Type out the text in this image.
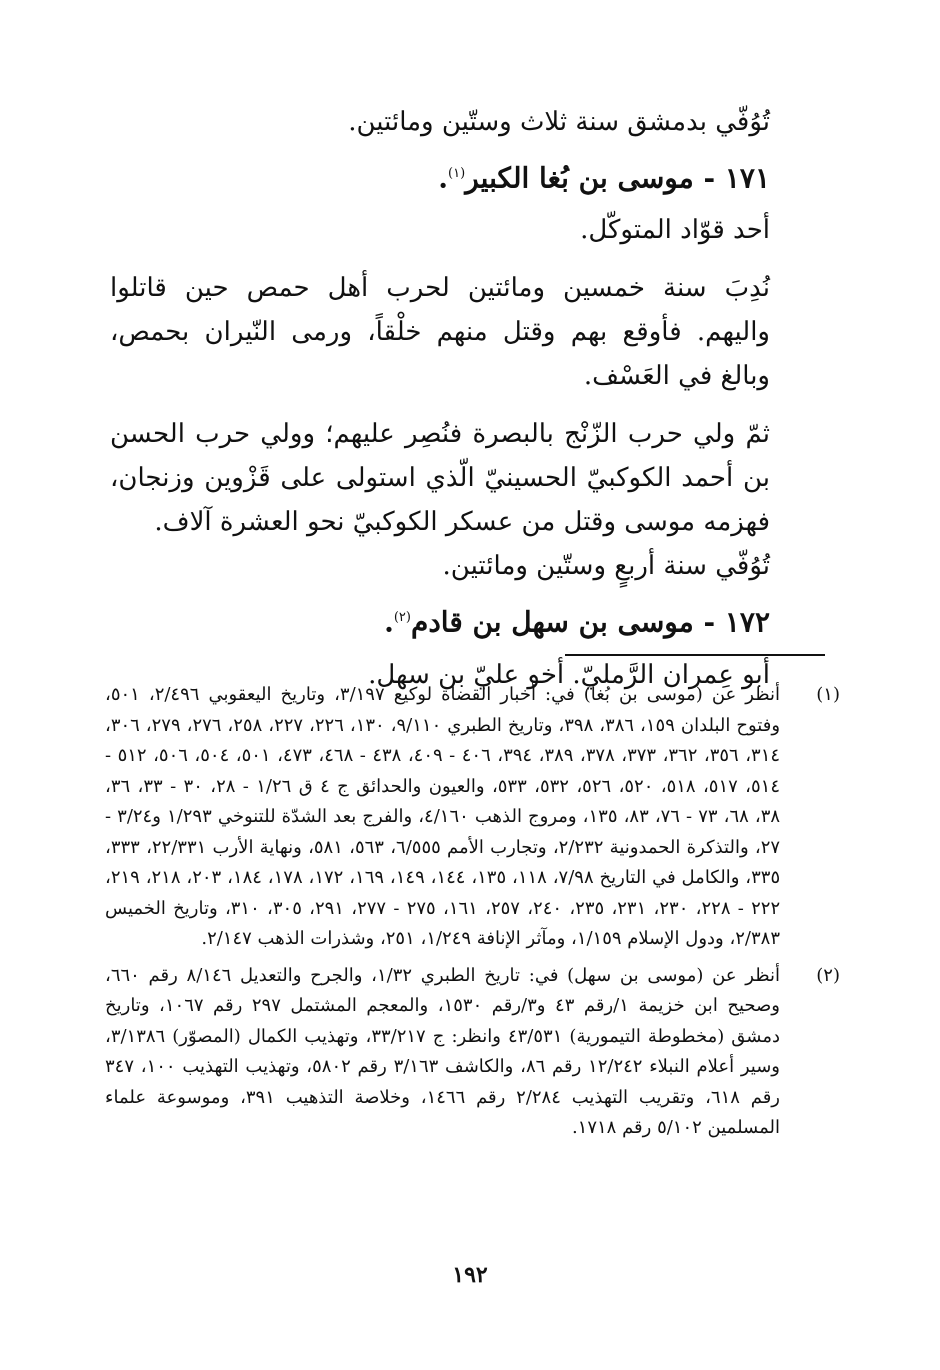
تُوُفّي بدمشق سنة ثلاث وستّين ومائتين.

١٧١ - موسى بن بُغا الكبير$^{(١)}$.

أحد قوّاد المتوكّل.

نُدِبَ سنة خمسين ومائتين لحرب أهل حمص حين قاتلوا واليهم. فأوقع بهم وقتل منهم خلْقاً، ورمى النّيران بحمص، وبالغ في العَسْف.

ثمّ ولي حرب الزّنْج بالبصرة فنُصِر عليهم؛ وولي حرب الحسن بن أحمد الكوكبيّ الحسينيّ الّذي استولى على قَزْوين وزنجان، فهزمه موسى وقتل من عسكر الكوكبيّ نحو العشرة آلاف.

تُوُفّي سنة أربعٍ وستّين ومائتين.

١٧٢ - موسى بن سهل بن قادم$^{(٢)}$.

أبو عِمران الرَّمليّ. أخو عليّ بن سهل.

(١)

أنظر عن (موسى بن بُغا) في: أخبار القضاة لوكيع ٣/١٩٧، وتاريخ اليعقوبي ٢/٤٩٦، ٥٠١، وفتوح البلدان ١٥٩، ٣٨٦، ٣٩٨، وتاريخ الطبري ٩/١١٠، ١٣٠، ٢٢٦، ٢٢٧، ٢٥٨، ٢٧٦، ٢٧٩، ٣٠٦، ٣١٤، ٣٥٦، ٣٦٢، ٣٧٣، ٣٧٨، ٣٨٩، ٣٩٤، ٤٠٦ - ٤٠٩، ٤٣٨ - ٤٦٨، ٤٧٣، ٥٠١، ٥٠٤، ٥٠٦، ٥١٢ - ٥١٤، ٥١٧، ٥١٨، ٥٢٠، ٥٢٦، ٥٣٢، ٥٣٣، والعيون والحدائق ج ٤ ق ١/٢٦ - ٢٨، ٣٠ - ٣٣، ٣٦، ٣٨، ٦٨، ٧٣ - ٧٦، ٨٣، ١٣٥، ومروج الذهب ٤/١٦٠، والفرج بعد الشدّة للتنوخي ١/٢٩٣ و٣/٢٤ - ٢٧، والتذكرة الحمدونية ٢/٢٣٢، وتجارب الأمم ٦/٥٥٥، ٥٦٣، ٥٨١، ونهاية الأرب ٢٢/٣٣١، ٣٣٣، ٣٣٥، والكامل في التاريخ ٧/٩٨، ١١٨، ١٣٥، ١٤٤، ١٤٩، ١٦٩، ١٧٢، ١٧٨، ١٨٤، ٢٠٣، ٢١٨، ٢١٩، ٢٢٢ - ٢٢٨، ٢٣٠، ٢٣١، ٢٣٥، ٢٤٠، ٢٥٧، ١٦١، ٢٧٥ - ٢٧٧، ٢٩١، ٣٠٥، ٣١٠، وتاريخ الخميس ٢/٣٨٣، ودول الإسلام ١/١٥٩، ومآثر الإنافة ١/٢٤٩، ٢٥١، وشذرات الذهب ٢/١٤٧.

(٢)

أنظر عن (موسى بن سهل) في: تاريخ الطبري ١/٣٢، والجرح والتعديل ٨/١٤٦ رقم ٦٦٠، وصحيح ابن خزيمة ١/رقم ٤٣ و٣/رقم ١٥٣٠، والمعجم المشتمل ٢٩٧ رقم ١٠٦٧، وتاريخ دمشق (مخطوطة التيمورية) ٤٣/٥٣١ وانظر: ج ٣٣/٢١٧، وتهذيب الكمال (المصوّر) ٣/١٣٨٦، وسير أعلام النبلاء ١٢/٢٤٢ رقم ٨٦، والكاشف ٣/١٦٣ رقم ٥٨٠٢، وتهذيب التهذيب ١٠٠، ٣٤٧ رقم ٦١٨، وتقريب التهذيب ٢/٢٨٤ رقم ١٤٦٦، وخلاصة التذهيب ٣٩١، وموسوعة علماء المسلمين ٥/١٠٢ رقم ١٧١٨.

١٩٢
